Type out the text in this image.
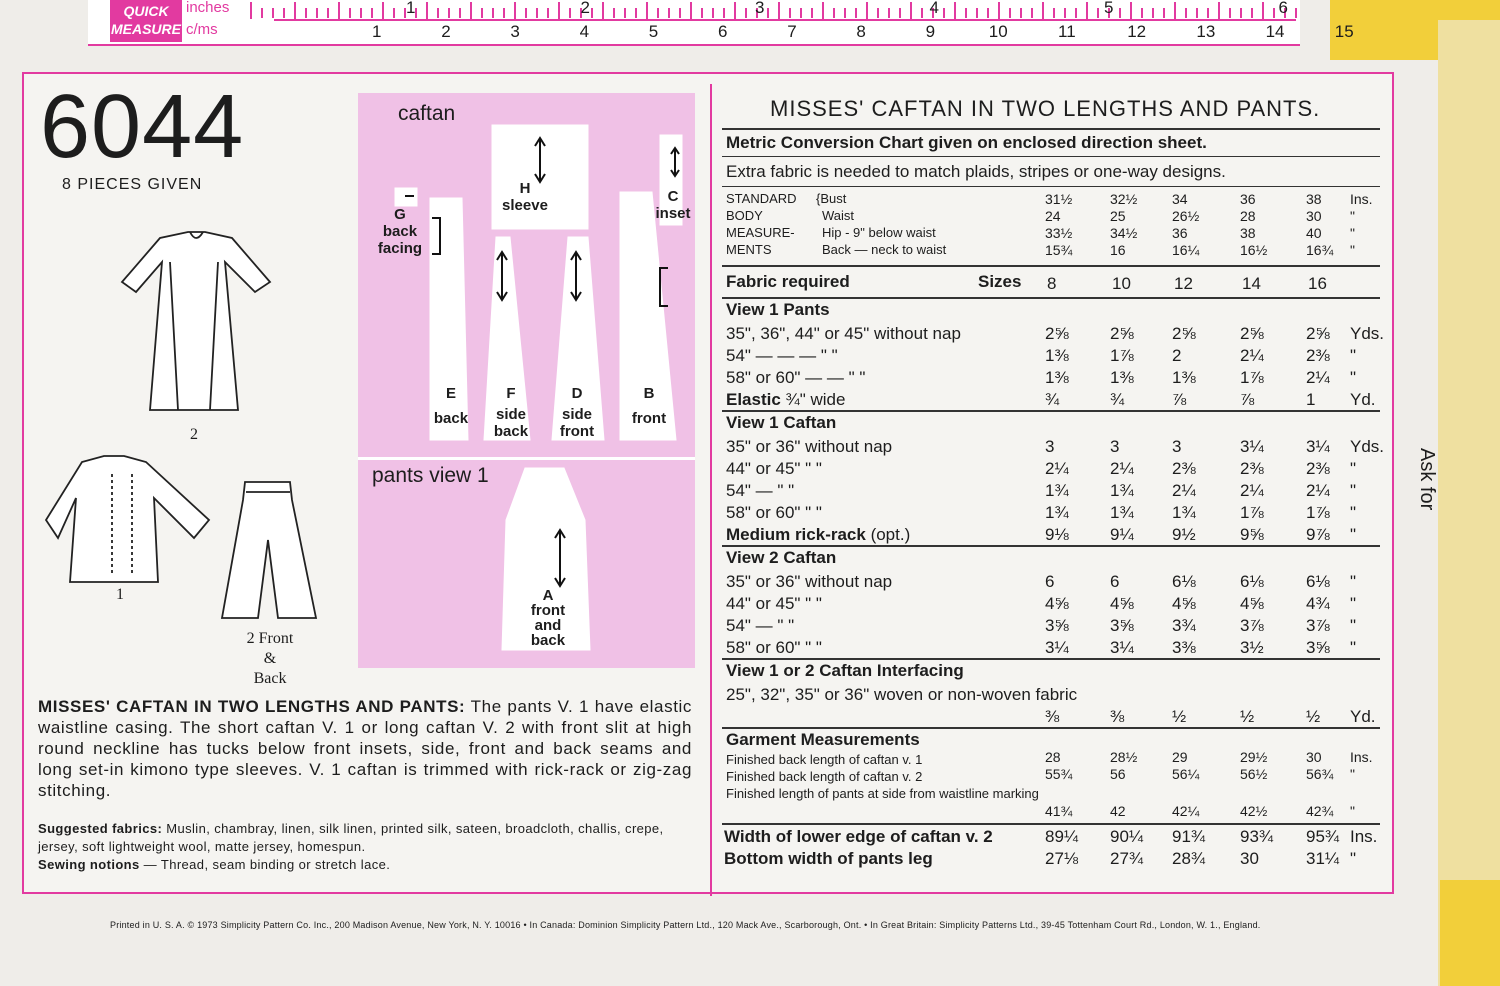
QUICK
MEASURE
inches
c/ms
1	2	3	4	5	6
1	2	3	4	5	6	7	8	9	10	11	12	13	14	15
6044
8 PIECES GIVEN
2
1
2 Front
&
Back
caftan
pants view 1
H
sleeve
C
inset
G
back
facing
E
back
F
side
back
D
side
front
B
front
A
front
and
back
MISSES' CAFTAN IN TWO LENGTHS AND PANTS: The pants V. 1 have elastic waistline casing. The short caftan V. 1 or long caftan V. 2 with front slit at high round neckline has tucks below front insets, side, front and back seams and long set-in kimono type sleeves. V. 1 caftan is trimmed with rick-rack or zig-zag stitching.
Suggested fabrics: Muslin, chambray, linen, silk linen, printed silk, sateen, broadcloth, challis, crepe, jersey, soft lightweight wool, matte jersey, homespun.
Sewing notions — Thread, seam binding or stretch lace.
Printed in U. S. A. © 1973 Simplicity Pattern Co. Inc., 200 Madison Avenue, New York, N. Y. 10016 • In Canada: Dominion Simplicity Pattern Ltd., 120 Mack Ave., Scarborough, Ont. • In Great Britain: Simplicity Patterns Ltd., 39-45 Tottenham Court Rd., London, W. 1., England.
Ask for
MISSES' CAFTAN IN TWO LENGTHS AND PANTS.
Metric Conversion Chart given on enclosed direction sheet.
Extra fabric is needed to match plaids, stripes or one-way designs.
STANDARD
BODY
MEASURE-
MENTS
{Bust	31½	32½ 34	36	38 Ins.
Waist	24	25	26½	28	30 "
Hip - 9" below waist	33½	34½ 36	38	40 "
Back — neck to waist	15¾	16	16¼	16½	16¾ "
Fabric required	Sizes 8	10	12	14	16
View 1 Pants
35", 36", 44" or 45" without nap	2⅝ 2⅝ 2⅝	2⅝ 2⅝ Yds.
54" — — — " "	1⅜ 1⅞ 2	2¼ 2⅜ "
58" or 60" — — " "	1⅜ 1⅜ 1⅜	1⅞ 2¼ "
Elastic ¾" wide	¾	¾	⅞	⅞	1 Yd.
View 1 Caftan
35" or 36" without nap	3	3	3	3¼ 3¼ Yds.
44" or 45" " "	2¼ 2¼ 2⅜	2⅜ 2⅜ "
54" — " "	1¾ 1¾ 2¼	2¼ 2¼ "
58" or 60" " "	1¾ 1¾ 1¾	1⅞ 1⅞ "
Medium rick-rack (opt.)	9⅛ 9¼ 9½	9⅝ 9⅞ "
View 2 Caftan
35" or 36" without nap	6	6	6⅛	6⅛ 6⅛ "
44" or 45" " "	4⅝ 4⅝ 4⅝	4⅝ 4¾ "
54" — " "	3⅝ 3⅝ 3¾	3⅞ 3⅞ "
58" or 60" " "	3¼ 3¼ 3⅜	3½ 3⅝ "
View 1 or 2 Caftan Interfacing
25", 32", 35" or 36" woven or non-woven fabric
⅜	⅜	½	½	½ Yd.
Garment Measurements
Finished back length of caftan v. 1	28	28½ 29	29½	30 Ins.
Finished back length of caftan v. 2	55¾	56	56¼	56½	56¾ "
Finished length of pants at side from waistline marking
41¾	42	42¼	42½	42¾ "
Width of lower edge of caftan v. 2	89¼ 90¼ 91¾ 93¾ 95¾ Ins.
Bottom width of pants leg	27⅛ 27¾ 28¾ 30	31¼ "
